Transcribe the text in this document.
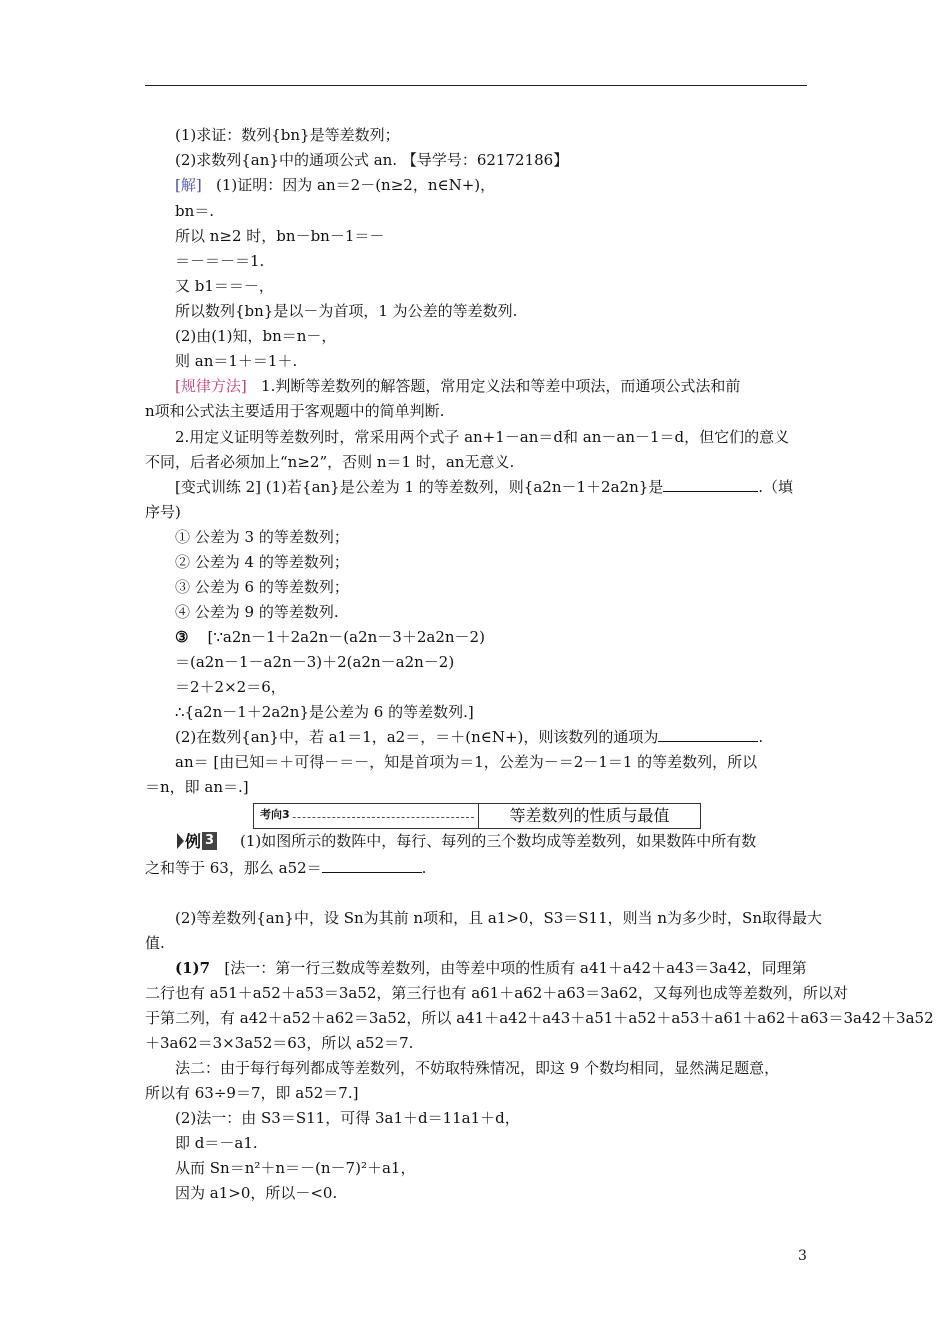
(1)求证：数列{bn}是等差数列；
(2)求数列{an}中的通项公式 an. 【导学号：62172186】
[解] (1)证明：因为 an＝2－(n≥2，n∈N+)，
bn＝.
所以 n≥2 时，bn－bn－1＝－
＝－＝－＝1.
又 b1＝＝－，
所以数列{bn}是以－为首项，1 为公差的等差数列.
(2)由(1)知，bn＝n－，
则 an＝1＋＝1＋.
[规律方法] 1.判断等差数列的解答题，常用定义法和等差中项法，而通项公式法和前
n项和公式法主要适用于客观题中的简单判断.
2.用定义证明等差数列时，常采用两个式子 an+1－an＝d和 an－an－1＝d，但它们的意义
不同，后者必须加上“n≥2”，否则 n＝1 时，an无意义.
[变式训练 2] (1)若{an}是公差为 1 的等差数列，则{a2n－1＋2a2n}是	.（填
序号)
① 公差为 3 的等差数列；
② 公差为 4 的等差数列；
③ 公差为 6 的等差数列；
④ 公差为 9 的等差数列.
③ [∵a2n－1＋2a2n－(a2n－3＋2a2n－2)
＝(a2n－1－a2n－3)＋2(a2n－a2n－2)
＝2＋2×2＝6，
∴{a2n－1＋2a2n}是公差为 6 的等差数列.]
(2)在数列{an}中，若 a1＝1，a2＝，＝＋(n∈N+)，则该数列的通项为	.
an＝ [由已知＝＋可得－＝－，知是首项为＝1，公差为－＝2－1＝1 的等差数列，所以
＝n，即 an＝.]
考向3	等差数列的性质与最值
例 3 (1)如图所示的数阵中，每行、每列的三个数均成等差数列，如果数阵中所有数
之和等于 63，那么 a52＝	.
(2)等差数列{an}中，设 Sn为其前 n项和，且 a1>0，S3＝S11，则当 n为多少时，Sn取得最大
值.
(1)7 [法一：第一行三数成等差数列，由等差中项的性质有 a41＋a42＋a43＝3a42，同理第
二行也有 a51＋a52＋a53＝3a52，第三行也有 a61＋a62＋a63＝3a62，又每列也成等差数列，所以对
于第二列，有 a42＋a52＋a62＝3a52，所以 a41＋a42＋a43＋a51＋a52＋a53＋a61＋a62＋a63＝3a42＋3a52
＋3a62＝3×3a52＝63，所以 a52＝7.
法二：由于每行每列都成等差数列，不妨取特殊情况，即这 9 个数均相同，显然满足题意，
所以有 63÷9＝7，即 a52＝7.]
(2)法一：由 S3＝S11，可得 3a1＋d＝11a1＋d，
即 d＝－a1.
从而 Sn＝n²＋n＝－(n－7)²＋a1，
因为 a1>0，所以－<0.
3
